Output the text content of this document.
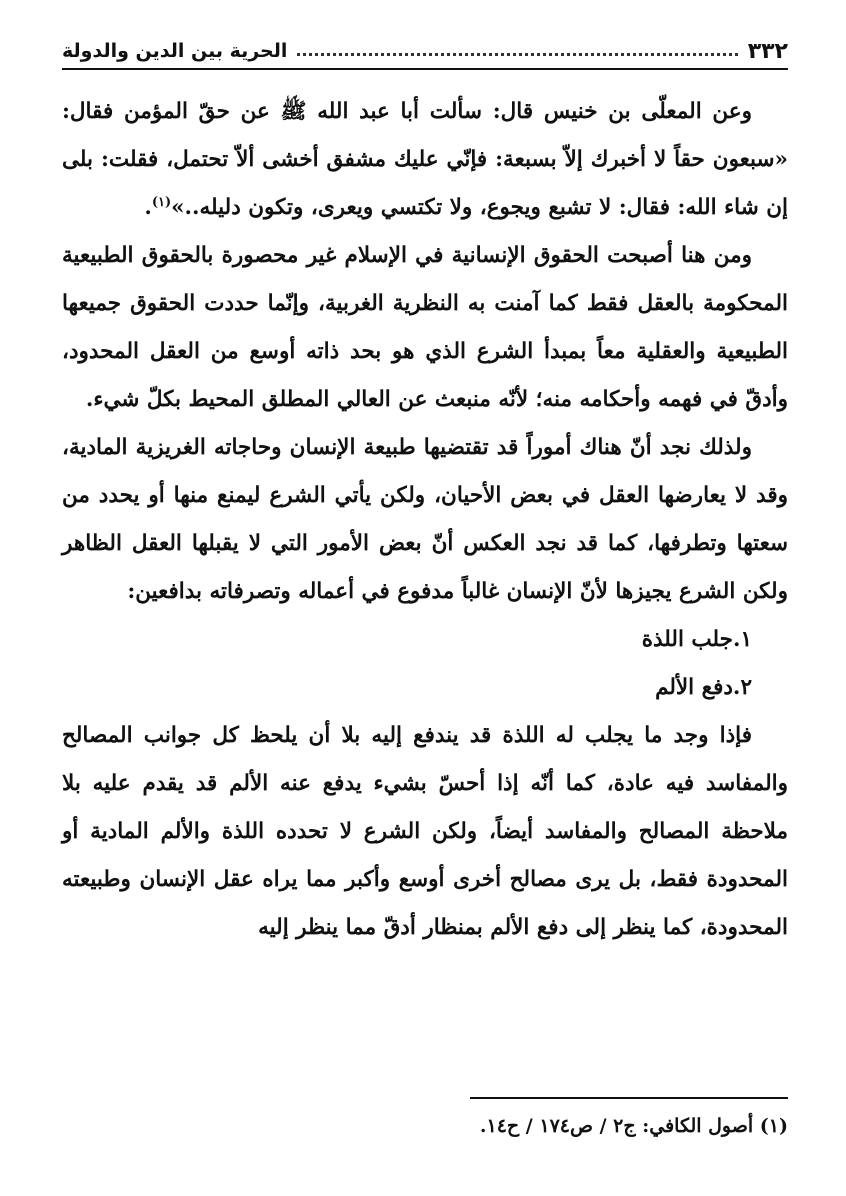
٣٣٢
الحرية بين الدين والدولة

وعن المعلّى بن خنيس قال: سألت أبا عبد الله ﷺ عن حقّ المؤمن فقال: «سبعون حقاً لا أخبرك إلاّ بسبعة: فإنّي عليك مشفق أخشى ألاّ تحتمل، فقلت: بلى إن شاء الله: فقال: لا تشبع ويجوع، ولا تكتسي ويعرى، وتكون دليله..»$^{(١)}$.

ومن هنا أصبحت الحقوق الإنسانية في الإسلام غير محصورة بالحقوق الطبيعية المحكومة بالعقل فقط كما آمنت به النظرية الغربية، وإنّما حددت الحقوق جميعها الطبيعية والعقلية معاً بمبدأ الشرع الذي هو بحد ذاته أوسع من العقل المحدود، وأدقّ في فهمه وأحكامه منه؛ لأنّه منبعث عن العالي المطلق المحيط بكلّ شيء.

ولذلك نجد أنّ هناك أموراً قد تقتضيها طبيعة الإنسان وحاجاته الغريزية المادية، وقد لا يعارضها العقل في بعض الأحيان، ولكن يأتي الشرع ليمنع منها أو يحدد من سعتها وتطرفها، كما قد نجد العكس أنّ بعض الأمور التي لا يقبلها العقل الظاهر ولكن الشرع يجيزها لأنّ الإنسان غالباً مدفوع في أعماله وتصرفاته بدافعين:

١.جلب اللذة
٢.دفع الألم

فإذا وجد ما يجلب له اللذة قد يندفع إليه بلا أن يلحظ كل جوانب المصالح والمفاسد فيه عادة، كما أنّه إذا أحسّ بشيء يدفع عنه الألم قد يقدم عليه بلا ملاحظة المصالح والمفاسد أيضاً، ولكن الشرع لا تحدده اللذة والألم المادية أو المحدودة فقط، بل يرى مصالح أخرى أوسع وأكبر مما يراه عقل الإنسان وطبيعته المحدودة، كما ينظر إلى دفع الألم بمنظار أدقّ مما ينظر إليه

(١) أصول الكافي: ج٢ / ص١٧٤ / ح١٤.
